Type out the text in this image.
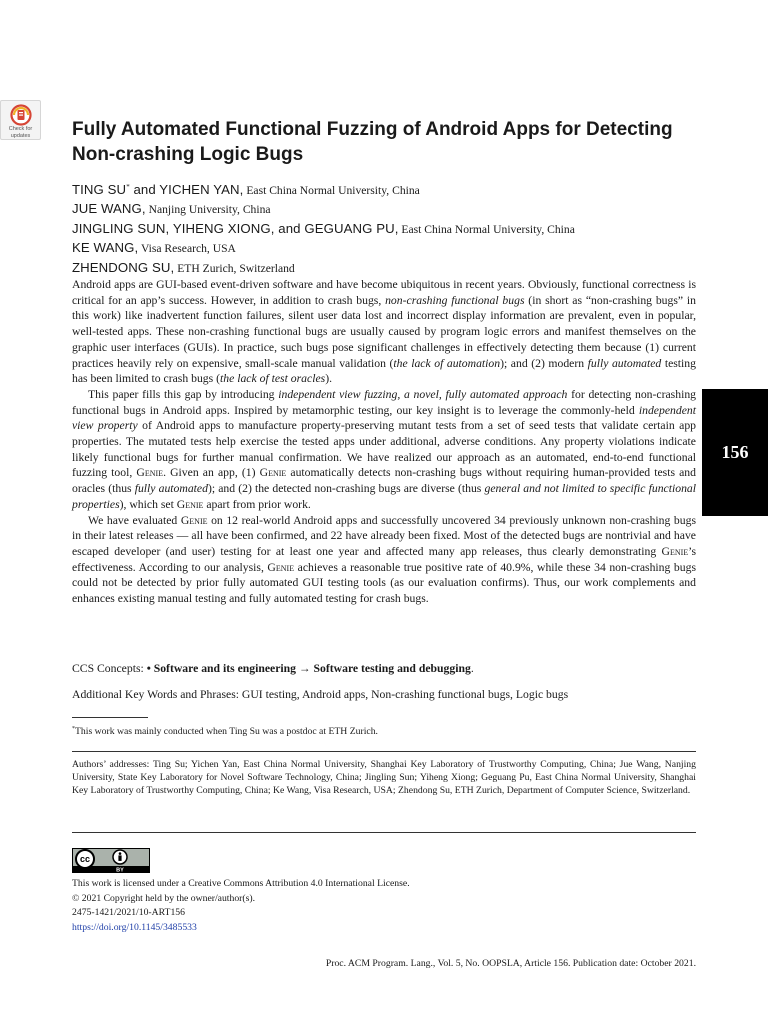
Check for
updates	Fully Automated Functional Fuzzing of Android Apps for Detecting Non-crashing Logic Bugs
TING SU* and YICHEN YAN, East China Normal University, China
JUE WANG, Nanjing University, China
JINGLING SUN, YIHENG XIONG, and GEGUANG PU, East China Normal University, China
KE WANG, Visa Research, USA
ZHENDONG SU, ETH Zurich, Switzerland

Android apps are GUI-based event-driven software and have become ubiquitous in recent years. Obviously, functional correctness is critical for an app’s success. However, in addition to crash bugs, non-crashing functional bugs (in short as “non-crashing bugs” in this work) like inadvertent function failures, silent user data lost and incorrect display information are prevalent, even in popular, well-tested apps. These non-crashing functional bugs are usually caused by program logic errors and manifest themselves on the graphic user interfaces (GUIs). In practice, such bugs pose significant challenges in effectively detecting them because (1) current practices heavily rely on expensive, small-scale manual validation (the lack of automation); and (2) modern fully automated testing has been limited to crash bugs (the lack of test oracles).

This paper fills this gap by introducing independent view fuzzing, a novel, fully automated approach for detecting non-crashing functional bugs in Android apps. Inspired by metamorphic testing, our key insight is to leverage the commonly-held independent view property of Android apps to manufacture property-preserving mutant tests from a set of seed tests that validate certain app properties. The mutated tests help exercise the tested apps under additional, adverse conditions. Any property violations indicate likely functional bugs for further manual confirmation. We have realized our approach as an automated, end-to-end functional fuzzing tool, Genie. Given an app, (1) Genie automatically detects non-crashing bugs without requiring human-provided tests and oracles (thus fully automated); and (2) the detected non-crashing bugs are diverse (thus general and not limited to specific functional properties), which set Genie apart from prior work.

We have evaluated Genie on 12 real-world Android apps and successfully uncovered 34 previously unknown non-crashing bugs in their latest releases — all have been confirmed, and 22 have already been fixed. Most of the detected bugs are nontrivial and have escaped developer (and user) testing for at least one year and affected many app releases, thus clearly demonstrating Genie’s effectiveness. According to our analysis, Genie achieves a reasonable true positive rate of 40.9%, while these 34 non-crashing bugs could not be detected by prior fully automated GUI testing tools (as our evaluation confirms). Thus, our work complements and enhances existing manual testing and fully automated testing for crash bugs.

CCS Concepts: • Software and its engineering → Software testing and debugging.
Additional Key Words and Phrases: GUI testing, Android apps, Non-crashing functional bugs, Logic bugs
*This work was mainly conducted when Ting Su was a postdoc at ETH Zurich.
Authors’ addresses: Ting Su; Yichen Yan, East China Normal University, Shanghai Key Laboratory of Trustworthy Computing, China; Jue Wang, Nanjing University, State Key Laboratory for Novel Software Technology, China; Jingling Sun; Yiheng Xiong; Geguang Pu, East China Normal University, Shanghai Key Laboratory of Trustworthy Computing, China; Ke Wang, Visa Research, USA; Zhendong Su, ETH Zurich, Department of Computer Science, Switzerland.
cc
BY
This work is licensed under a Creative Commons Attribution 4.0 International License.
© 2021 Copyright held by the owner/author(s).
2475-1421/2021/10-ART156
https://doi.org/10.1145/3485533
Proc. ACM Program. Lang., Vol. 5, No. OOPSLA, Article 156. Publication date: October 2021.
156
